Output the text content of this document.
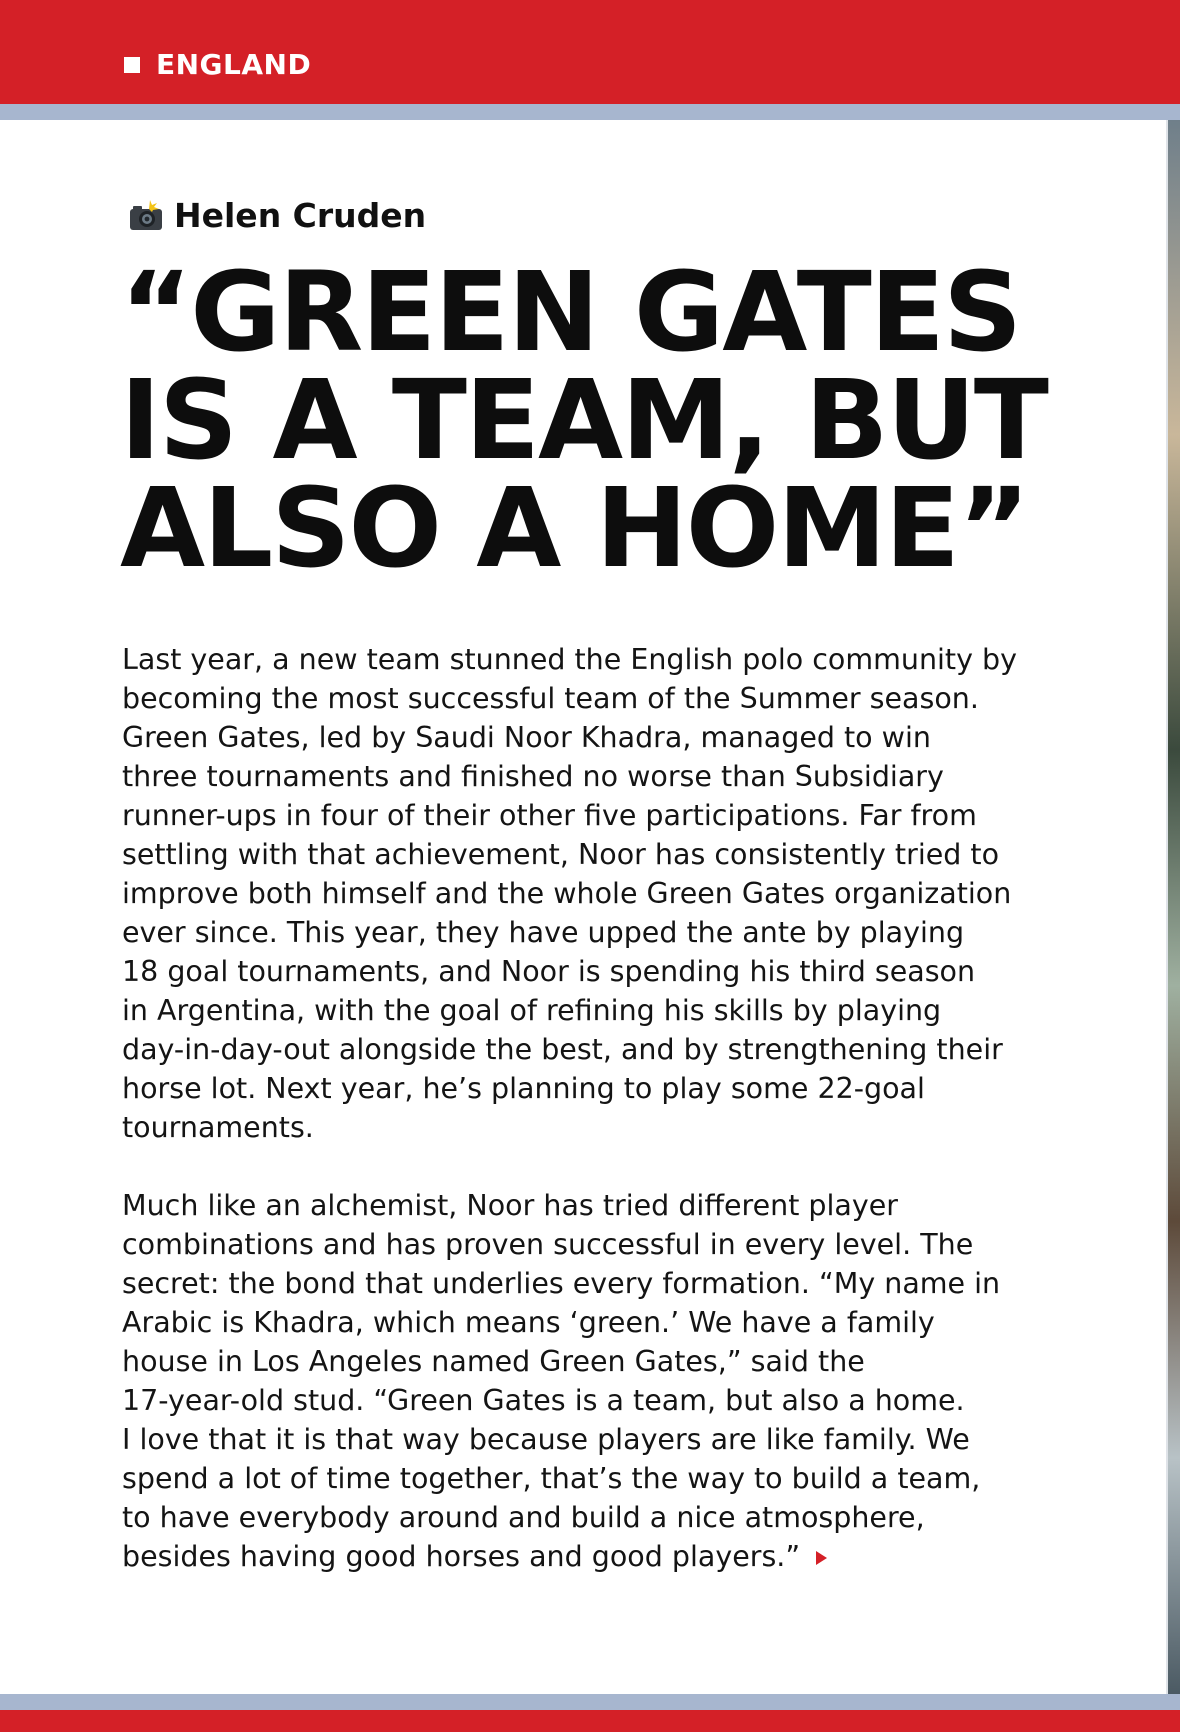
ENGLAND
Helen Cruden
“GREEN GATES
IS A TEAM, BUT
ALSO A HOME”

Last year, a new team stunned the English polo community by
becoming the most successful team of the Summer season.
Green Gates, led by Saudi Noor Khadra, managed to win
three tournaments and finished no worse than Subsidiary
runner-ups in four of their other five participations. Far from
settling with that achievement, Noor has consistently tried to
improve both himself and the whole Green Gates organization
ever since. This year, they have upped the ante by playing
18 goal tournaments, and Noor is spending his third season
in Argentina, with the goal of refining his skills by playing
day-in-day-out alongside the best, and by strengthening their
horse lot. Next year, he’s planning to play some 22-goal
tournaments.

Much like an alchemist, Noor has tried different player
combinations and has proven successful in every level. The
secret: the bond that underlies every formation. “My name in
Arabic is Khadra, which means ‘green.’ We have a family
house in Los Angeles named Green Gates,” said the
17-year-old stud. “Green Gates is a team, but also a home.
I love that it is that way because players are like family. We
spend a lot of time together, that’s the way to build a team,
to have everybody around and build a nice atmosphere,
besides having good horses and good players.”
